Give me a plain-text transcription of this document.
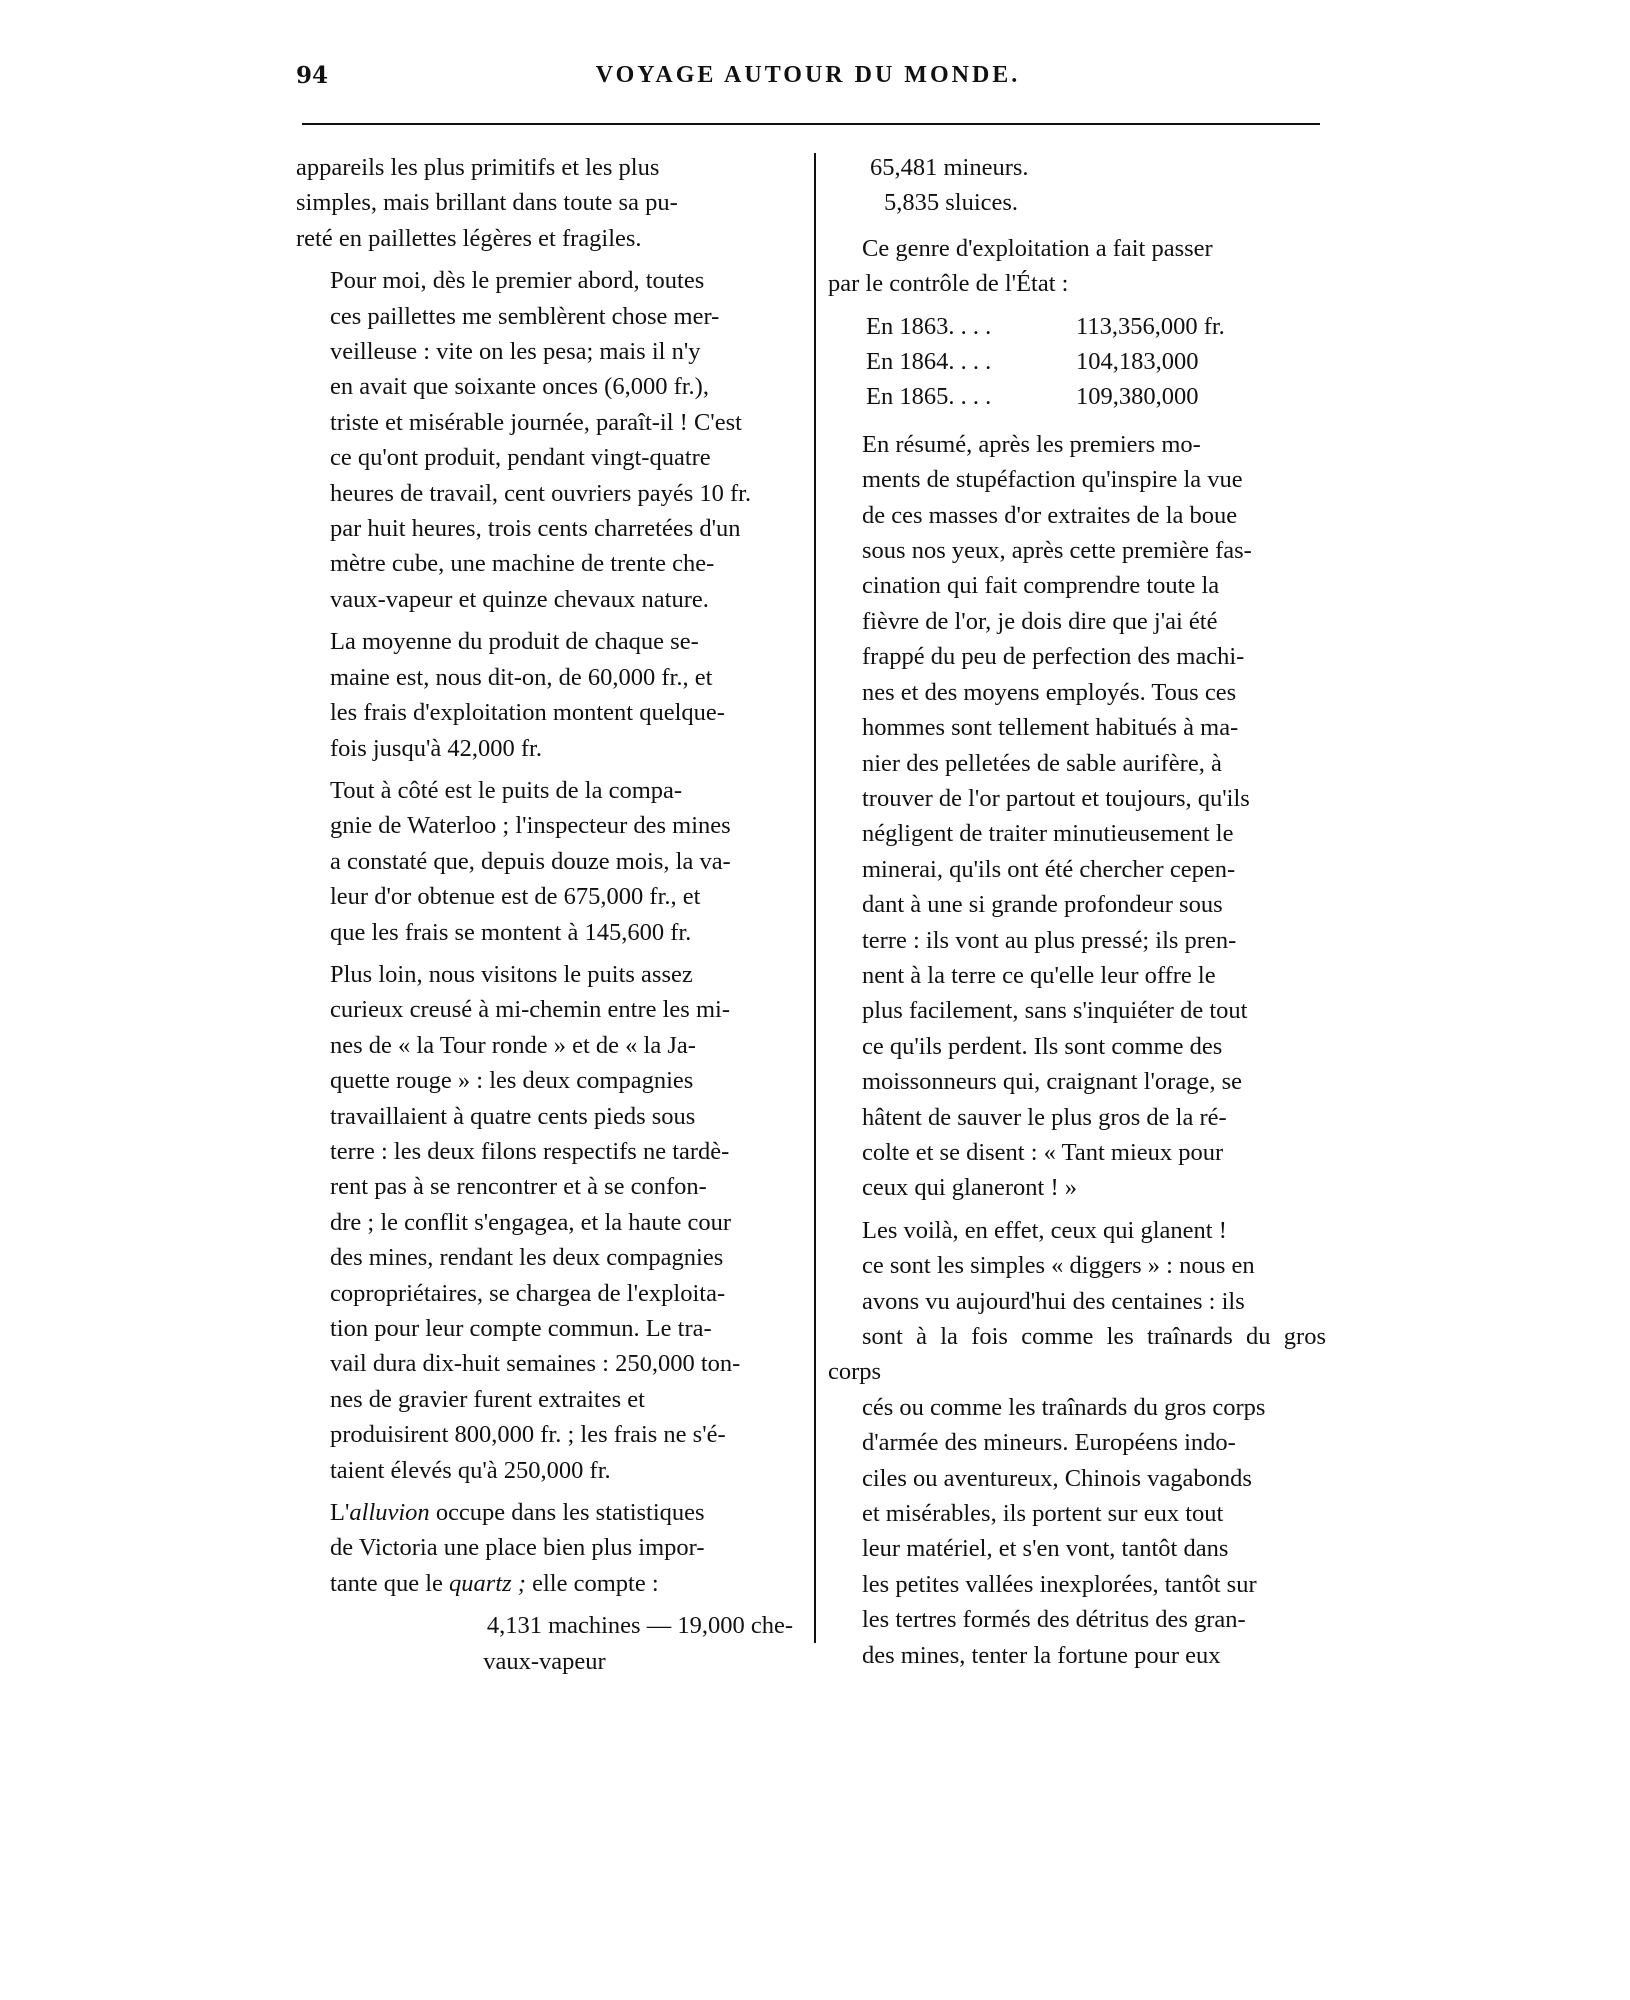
94	VOYAGE AUTOUR DU MONDE.

appareils les plus primitifs et les plus
simples, mais brillant dans toute sa pu-
reté en paillettes légères et fragiles.

Pour moi, dès le premier abord, toutes
ces paillettes me semblèrent chose mer-
veilleuse : vite on les pesa; mais il n'y
en avait que soixante onces (6,000 fr.),
triste et misérable journée, paraît-il ! C'est
ce qu'ont produit, pendant vingt-quatre
heures de travail, cent ouvriers payés 10 fr.
par huit heures, trois cents charretées d'un
mètre cube, une machine de trente che-
vaux-vapeur et quinze chevaux nature.

La moyenne du produit de chaque se-
maine est, nous dit-on, de 60,000 fr., et
les frais d'exploitation montent quelque-
fois jusqu'à 42,000 fr.

Tout à côté est le puits de la compa-
gnie de Waterloo ; l'inspecteur des mines
a constaté que, depuis douze mois, la va-
leur d'or obtenue est de 675,000 fr., et
que les frais se montent à 145,600 fr.

Plus loin, nous visitons le puits assez
curieux creusé à mi-chemin entre les mi-
nes de « la Tour ronde » et de « la Ja-
quette rouge » : les deux compagnies
travaillaient à quatre cents pieds sous
terre : les deux filons respectifs ne tardè-
rent pas à se rencontrer et à se confon-
dre ; le conflit s'engagea, et la haute cour
des mines, rendant les deux compagnies
copropriétaires, se chargea de l'exploita-
tion pour leur compte commun. Le tra-
vail dura dix-huit semaines : 250,000 ton-
nes de gravier furent extraites et
produisirent 800,000 fr. ; les frais ne s'é-
taient élevés qu'à 250,000 fr.

L'alluvion occupe dans les statistiques
de Victoria une place bien plus impor-
tante que le quartz ; elle compte :

4,131 machines — 19,000 che-
vaux-vapeur
65,481 mineurs.
5,835 sluices.

Ce genre d'exploitation a fait passer
par le contrôle de l'État :

En 1863. . . .	113,356,000 fr.
En 1864. . . .	104,183,000
En 1865. . . .	109,380,000

En résumé, après les premiers mo-
ments de stupéfaction qu'inspire la vue
de ces masses d'or extraites de la boue
sous nos yeux, après cette première fas-
cination qui fait comprendre toute la
fièvre de l'or, je dois dire que j'ai été
frappé du peu de perfection des machi-
nes et des moyens employés. Tous ces
hommes sont tellement habitués à ma-
nier des pelletées de sable aurifère, à
trouver de l'or partout et toujours, qu'ils
négligent de traiter minutieusement le
minerai, qu'ils ont été chercher cepen-
dant à une si grande profondeur sous
terre : ils vont au plus pressé; ils pren-
nent à la terre ce qu'elle leur offre le
plus facilement, sans s'inquiéter de tout
ce qu'ils perdent. Ils sont comme des
moissonneurs qui, craignant l'orage, se
hâtent de sauver le plus gros de la ré-
colte et se disent : « Tant mieux pour
ceux qui glaneront ! »

Les voilà, en effet, ceux qui glanent !
ce sont les simples « diggers » : nous en
avons vu aujourd'hui des centaines : ils
sont à la fois comme les traînards du gros corps
cés ou comme les traînards du gros corps
d'armée des mineurs. Européens indo-
ciles ou aventureux, Chinois vagabonds
et misérables, ils portent sur eux tout
leur matériel, et s'en vont, tantôt dans
les petites vallées inexplorées, tantôt sur
les tertres formés des détritus des gran-
des mines, tenter la fortune pour eux
